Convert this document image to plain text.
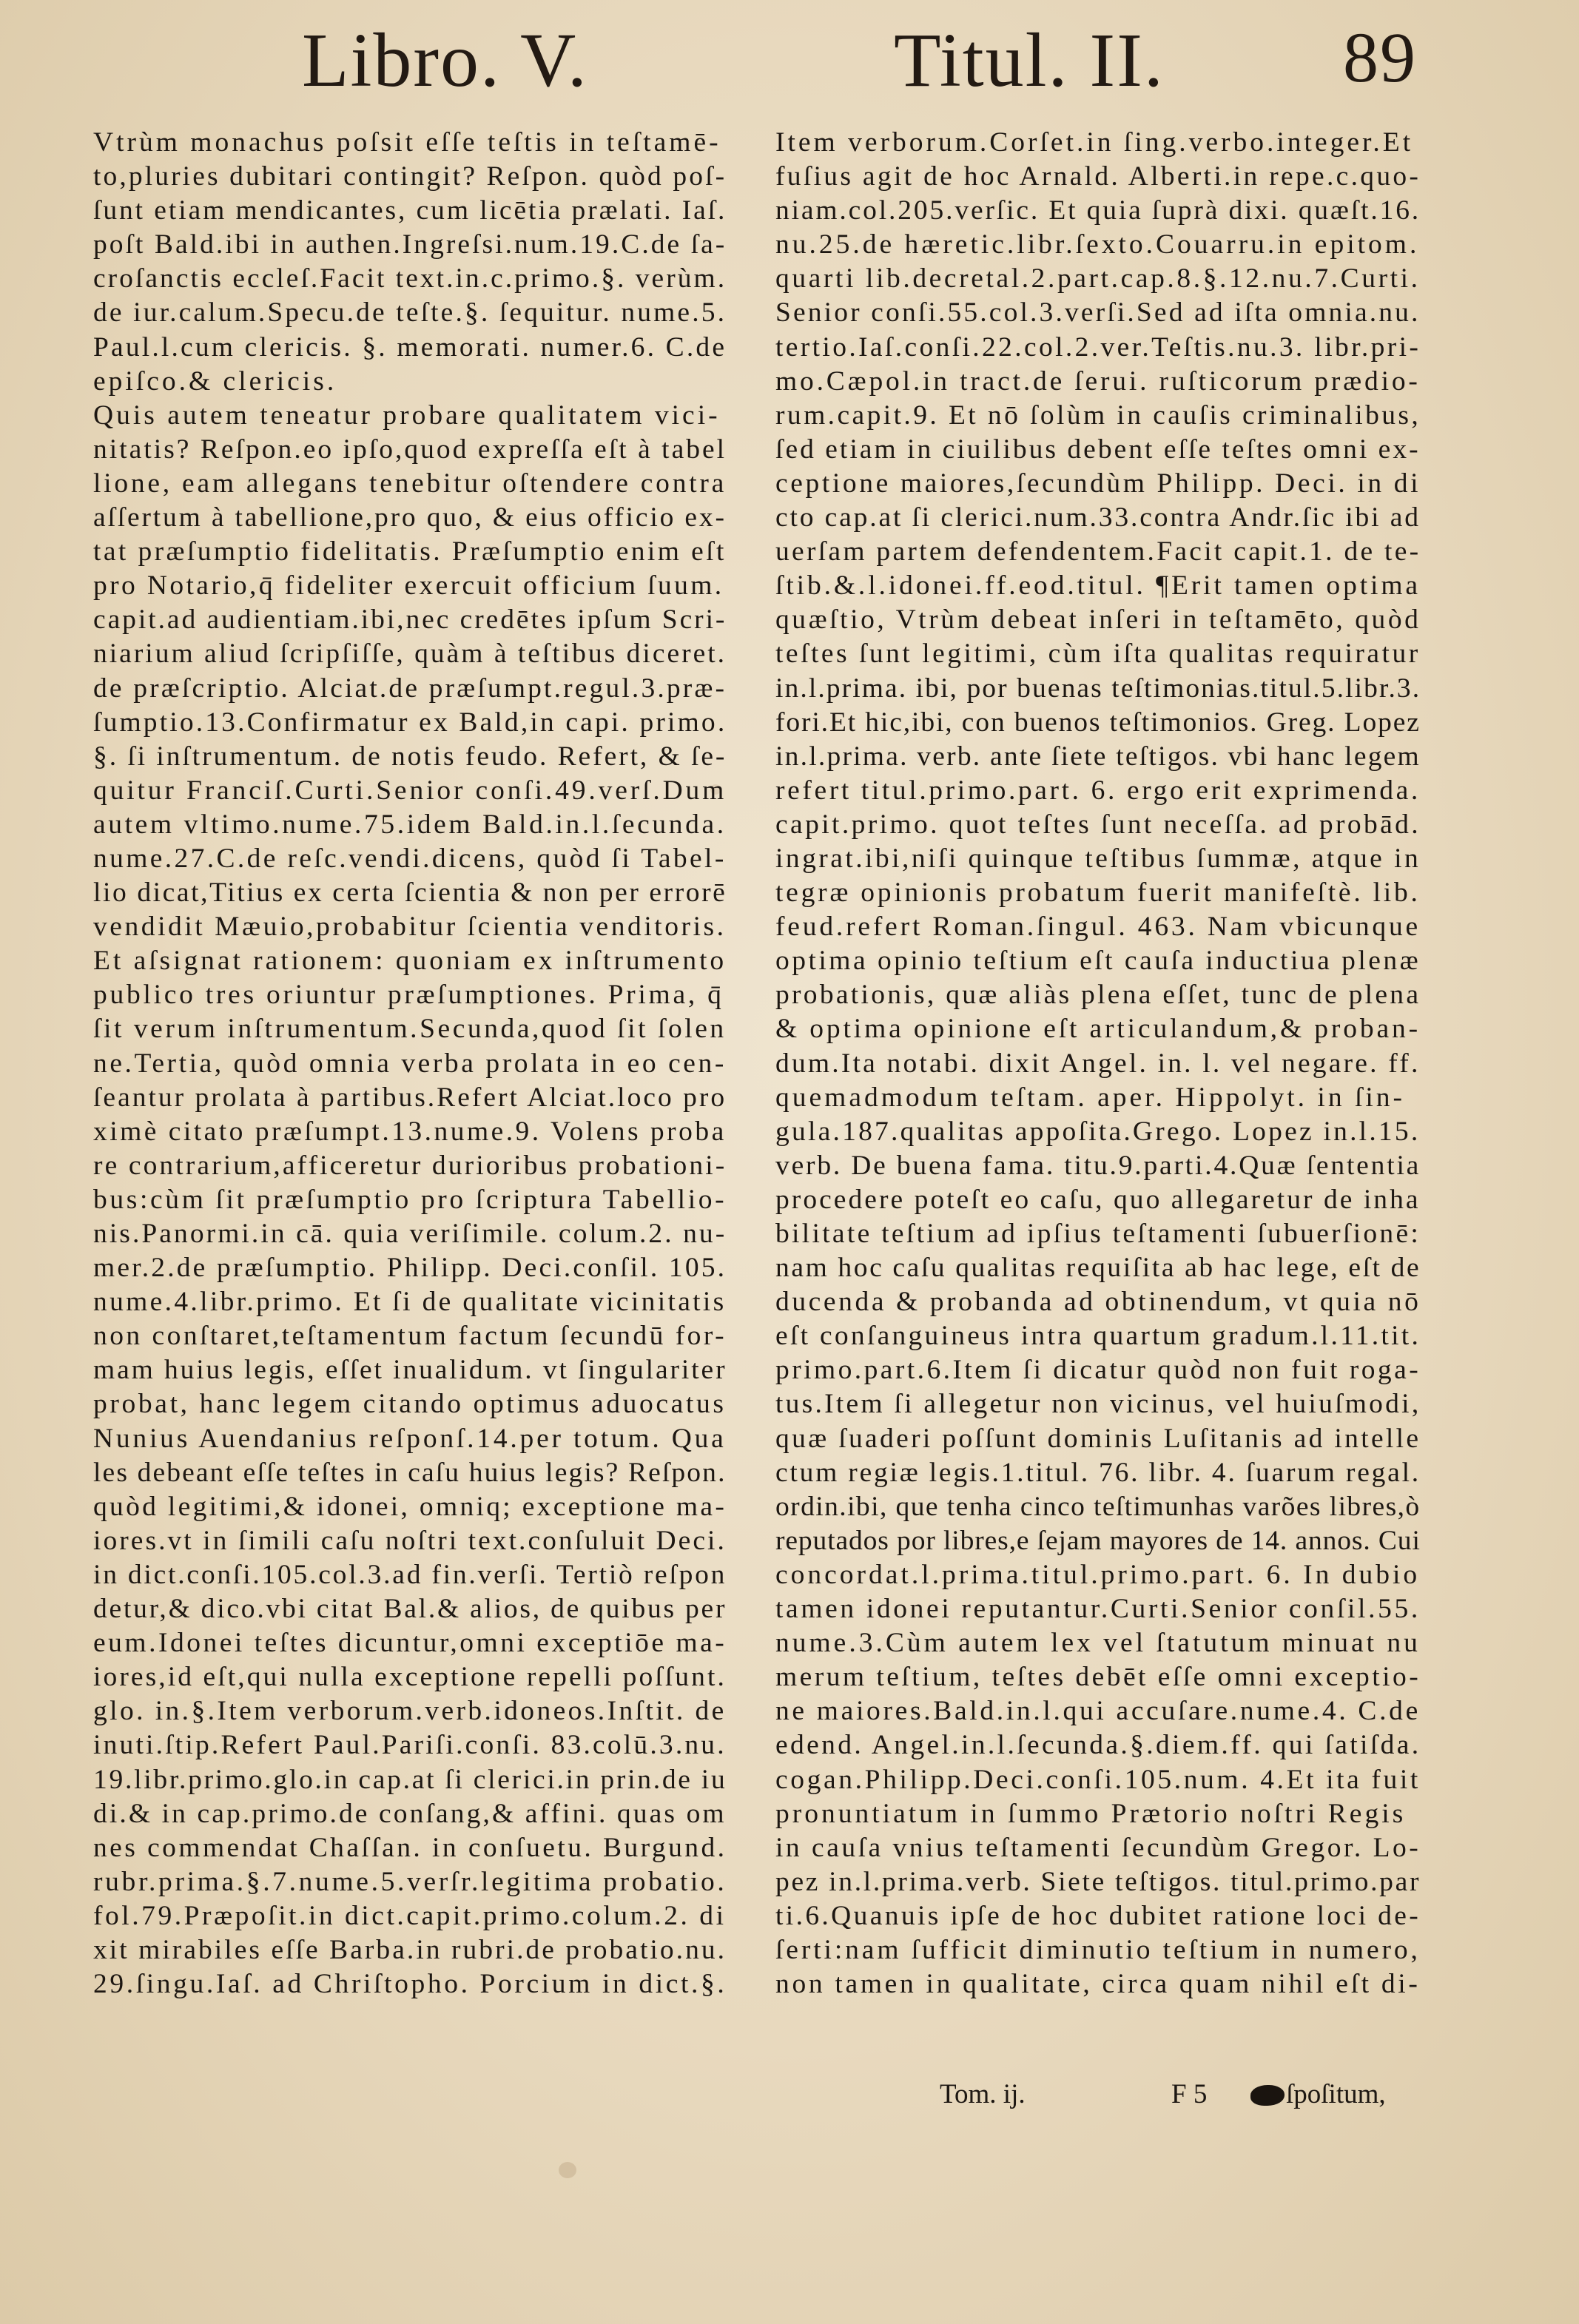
Libro. V.	Titul. II.	89
Vtrùm monachus poſsit eſſe teſtis in teſtamē-
to,pluries dubitari contingit? Reſpon. quòd poſ-
ſunt etiam mendicantes, cum licētia prælati. Iaſ.
poſt Bald.ibi in authen.Ingreſsi.num.19.C.de ſa-
croſanctis eccleſ.Facit text.in.c.primo.§. verùm.
de iur.calum.Specu.de teſte.§. ſequitur. nume.5.
Paul.l.cum clericis. §. memorati. numer.6. C.de
epiſco.& clericis.
Quis autem teneatur probare qualitatem vici-
nitatis? Reſpon.eo ipſo,quod expreſſa eſt à tabel
lione, eam allegans tenebitur oſtendere contra
aſſertum à tabellione,pro quo, & eius officio ex-
tat præſumptio fidelitatis. Præſumptio enim eſt
pro Notario,q̄ fideliter exercuit officium ſuum.
capit.ad audientiam.ibi,nec credētes ipſum Scri-
niarium aliud ſcripſiſſe, quàm à teſtibus diceret.
de præſcriptio. Alciat.de præſumpt.regul.3.præ-
ſumptio.13.Confirmatur ex Bald,in capi. primo.
§. ſi inſtrumentum. de notis feudo. Refert, & ſe-
quitur Franciſ.Curti.Senior conſi.49.verſ.Dum
autem vltimo.nume.75.idem Bald.in.l.ſecunda.
nume.27.C.de reſc.vendi.dicens, quòd ſi Tabel-
lio dicat,Titius ex certa ſcientia & non per errorē
vendidit Mæuio,probabitur ſcientia venditoris.
Et aſsignat rationem: quoniam ex inſtrumento
publico tres oriuntur præſumptiones. Prima, q̄
ſit verum inſtrumentum.Secunda,quod ſit ſolen
ne.Tertia, quòd omnia verba prolata in eo cen-
ſeantur prolata à partibus.Refert Alciat.loco pro
ximè citato præſumpt.13.nume.9. Volens proba
re contrarium,afficeretur durioribus probationi-
bus:cùm ſit præſumptio pro ſcriptura Tabellio-
nis.Panormi.in cā. quia veriſimile. colum.2. nu-
mer.2.de præſumptio. Philipp. Deci.conſil. 105.
nume.4.libr.primo. Et ſi de qualitate vicinitatis
non conſtaret,teſtamentum factum ſecundū for-
mam huius legis, eſſet inualidum. vt ſingulariter
probat, hanc legem citando optimus aduocatus
Nunius Auendanius reſponſ.14.per totum. Qua
les debeant eſſe teſtes in caſu huius legis? Reſpon.
quòd legitimi,& idonei, omniq; exceptione ma-
iores.vt in ſimili caſu noſtri text.conſuluit Deci.
in dict.conſi.105.col.3.ad fin.verſi. Tertiò reſpon
detur,& dico.vbi citat Bal.& alios, de quibus per
eum.Idonei teſtes dicuntur,omni exceptiōe ma-
iores,id eſt,qui nulla exceptione repelli poſſunt.
glo. in.§.Item verborum.verb.idoneos.Inſtit. de
inuti.ſtip.Refert Paul.Pariſi.conſi. 83.colū.3.nu.
19.libr.primo.glo.in cap.at ſi clerici.in prin.de iu
di.& in cap.primo.de conſang,& affini. quas om
nes commendat Chaſſan. in conſuetu. Burgund.
rubr.prima.§.7.nume.5.verſr.legitima probatio.
fol.79.Præpoſit.in dict.capit.primo.colum.2. di
xit mirabiles eſſe Barba.in rubri.de probatio.nu.
29.ſingu.Iaſ. ad Chriſtopho. Porcium in dict.§.
Item verborum.Corſet.in ſing.verbo.integer.Et
fuſius agit de hoc Arnald. Alberti.in repe.c.quo-
niam.col.205.verſic. Et quia ſuprà dixi. quæſt.16.
nu.25.de hæretic.libr.ſexto.Couarru.in epitom.
quarti lib.decretal.2.part.cap.8.§.12.nu.7.Curti.
Senior conſi.55.col.3.verſi.Sed ad iſta omnia.nu.
tertio.Iaſ.conſi.22.col.2.ver.Teſtis.nu.3. libr.pri-
mo.Cæpol.in tract.de ſerui. ruſticorum prædio-
rum.capit.9. Et nō ſolùm in cauſis criminalibus,
ſed etiam in ciuilibus debent eſſe teſtes omni ex-
ceptione maiores,ſecundùm Philipp. Deci. in di
cto cap.at ſi clerici.num.33.contra Andr.ſic ibi ad
uerſam partem defendentem.Facit capit.1. de te-
ſtib.&.l.idonei.ff.eod.titul. ¶Erit tamen optima
quæſtio, Vtrùm debeat inſeri in teſtamēto, quòd
teſtes ſunt legitimi, cùm iſta qualitas requiratur
in.l.prima. ibi, por buenas teſtimonias.titul.5.libr.3.
fori.Et hic,ibi, con buenos teſtimonios. Greg. Lopez
in.l.prima. verb. ante ſiete teſtigos. vbi hanc legem
refert titul.primo.part. 6. ergo erit exprimenda.
capit.primo. quot teſtes ſunt neceſſa. ad probād.
ingrat.ibi,niſi quinque teſtibus ſummæ, atque in
tegræ opinionis probatum fuerit manifeſtè. lib.
feud.refert Roman.ſingul. 463. Nam vbicunque
optima opinio teſtium eſt cauſa inductiua plenæ
probationis, quæ aliàs plena eſſet, tunc de plena
& optima opinione eſt articulandum,& proban-
dum.Ita notabi. dixit Angel. in. l. vel negare. ff.
quemadmodum teſtam. aper. Hippolyt. in ſin-
gula.187.qualitas appoſita.Grego. Lopez in.l.15.
verb. De buena fama. titu.9.parti.4.Quæ ſententia
procedere poteſt eo caſu, quo allegaretur de inha
bilitate teſtium ad ipſius teſtamenti ſubuerſionē:
nam hoc caſu qualitas requiſita ab hac lege, eſt de
ducenda & probanda ad obtinendum, vt quia nō
eſt conſanguineus intra quartum gradum.l.11.tit.
primo.part.6.Item ſi dicatur quòd non fuit roga-
tus.Item ſi allegetur non vicinus, vel huiuſmodi,
quæ ſuaderi poſſunt dominis Luſitanis ad intelle
ctum regiæ legis.1.titul. 76. libr. 4. ſuarum regal.
ordin.ibi, que tenha cinco teſtimunhas varões libres,ò
reputados por libres,e ſejam mayores de 14. annos. Cui
concordat.l.prima.titul.primo.part. 6. In dubio
tamen idonei reputantur.Curti.Senior conſil.55.
nume.3.Cùm autem lex vel ſtatutum minuat nu
merum teſtium, teſtes debēt eſſe omni exceptio-
ne maiores.Bald.in.l.qui accuſare.nume.4. C.de
edend. Angel.in.l.ſecunda.§.diem.ff. qui ſatiſda.
cogan.Philipp.Deci.conſi.105.num. 4.Et ita fuit
pronuntiatum in ſummo Prætorio noſtri Regis
in cauſa vnius teſtamenti ſecundùm Gregor. Lo-
pez in.l.prima.verb. Siete teſtigos. titul.primo.par
ti.6.Quanuis ipſe de hoc dubitet ratione loci de-
ſerti:nam ſufficit diminutio teſtium in numero,
non tamen in qualitate, circa quam nihil eſt di-
Tom. ij.	F 5	ſpoſitum,
